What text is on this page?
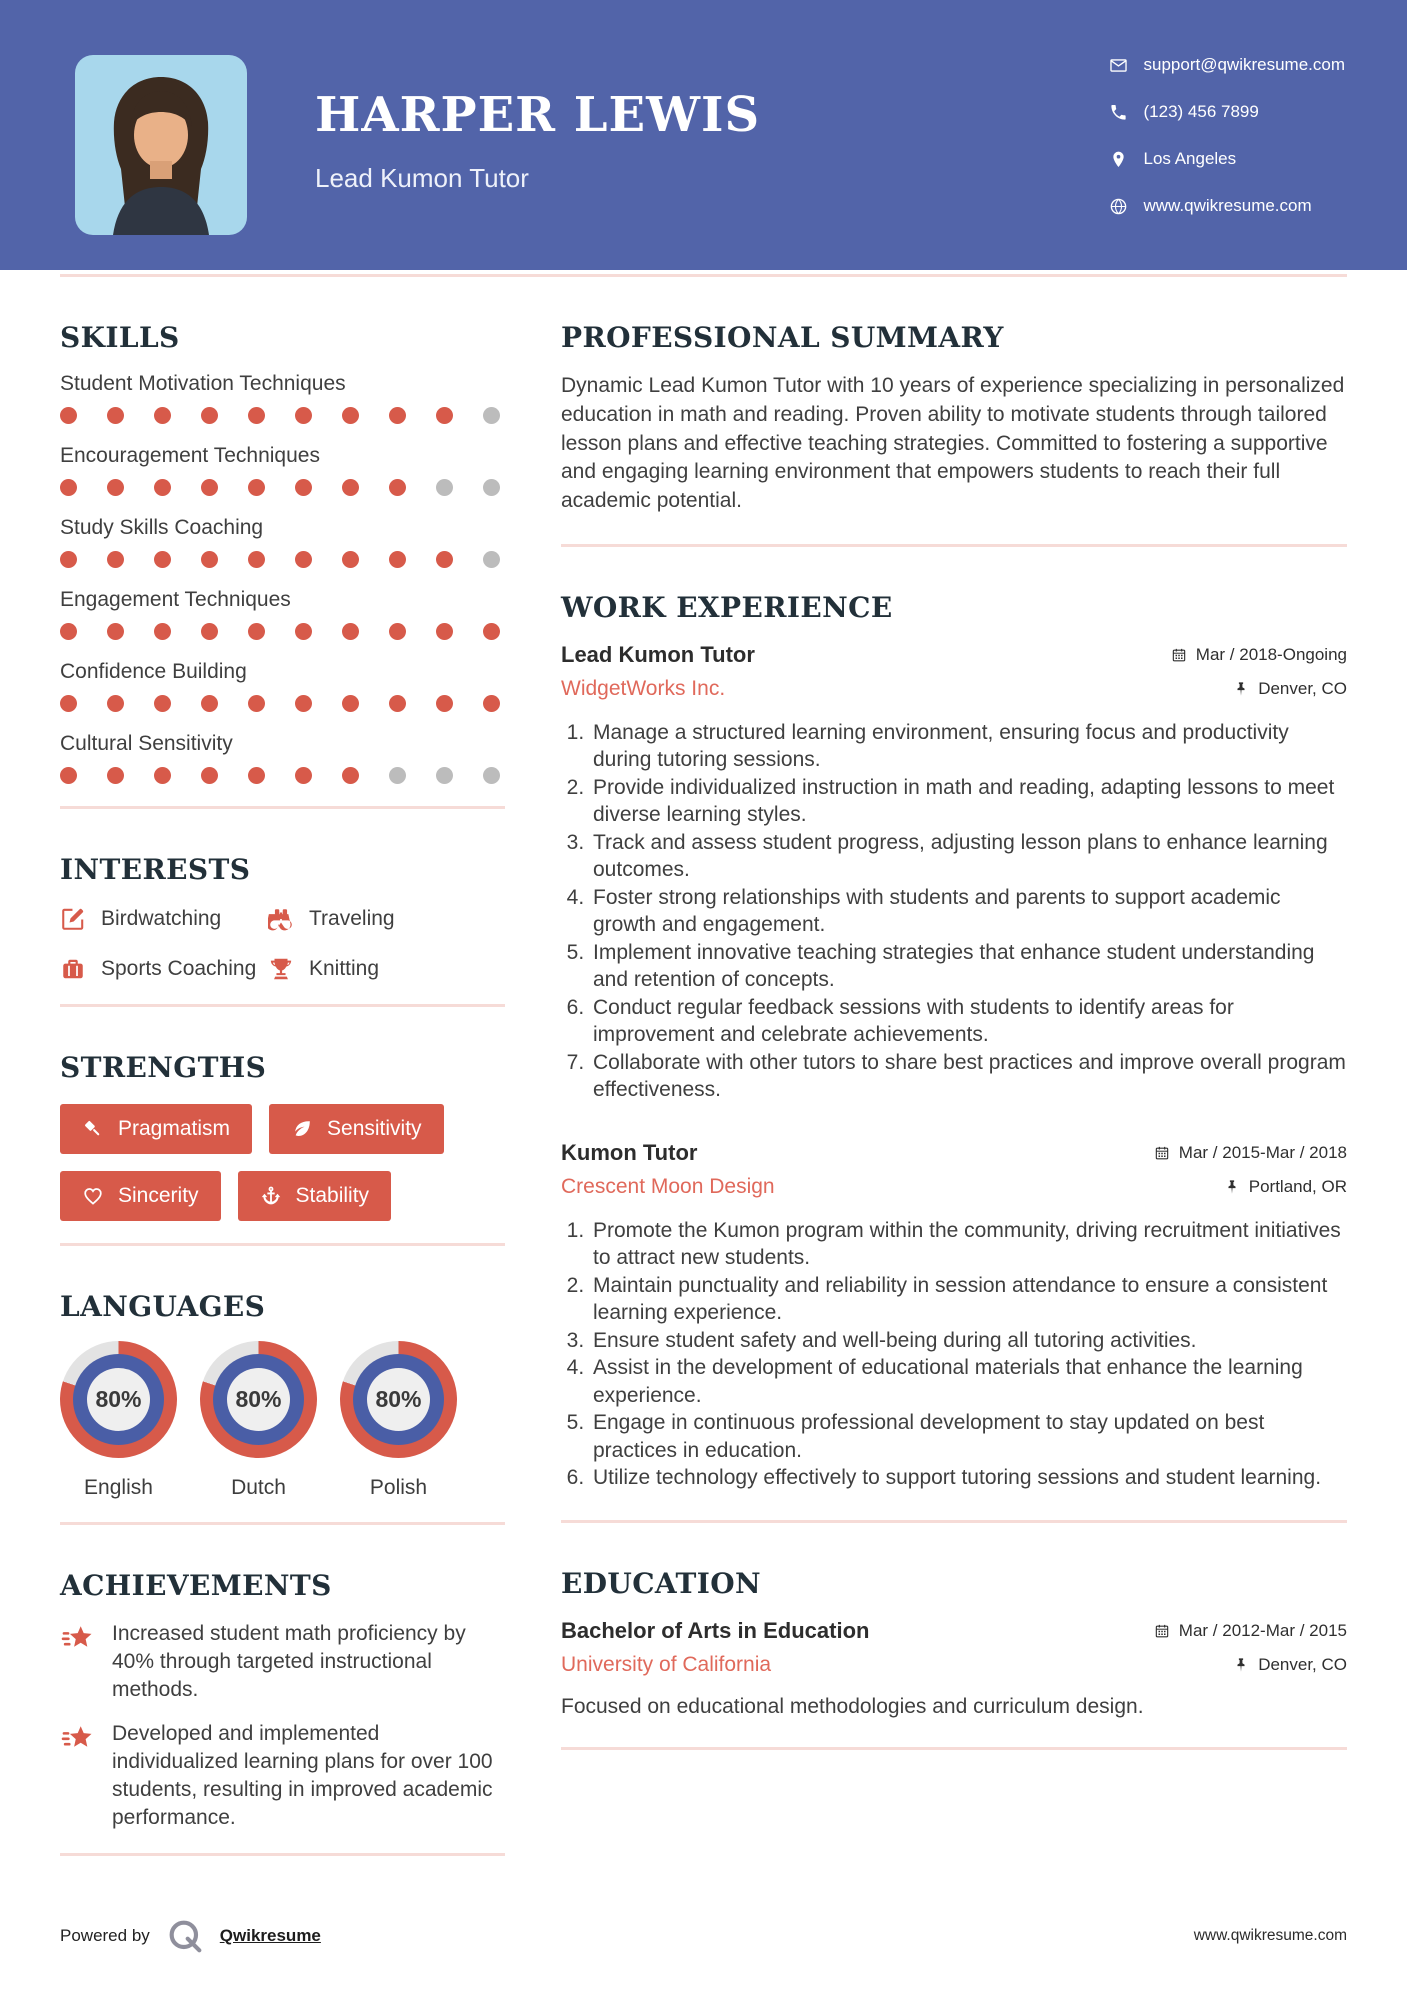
HARPER LEWIS
Lead Kumon Tutor
support@qwikresume.com
(123) 456 7899
Los Angeles
www.qwikresume.com
SKILLS
Student Motivation Techniques
Encouragement Techniques
Study Skills Coaching
Engagement Techniques
Confidence Building
Cultural Sensitivity
INTERESTS
Birdwatching	Traveling
Sports Coaching	Knitting
STRENGTHS
Pragmatism	Sensitivity
Sincerity	Stability
LANGUAGES
80%
English
80%
Dutch
80%
Polish
ACHIEVEMENTS

Increased student math proficiency by 40% through targeted instructional methods.

Developed and implemented individualized learning plans for over 100 students, resulting in improved academic performance.

PROFESSIONAL SUMMARY

Dynamic Lead Kumon Tutor with 10 years of experience specializing in personalized education in math and reading. Proven ability to motivate students through tailored lesson plans and effective teaching strategies. Committed to fostering a supportive and engaging learning environment that empowers students to reach their full academic potential.

WORK EXPERIENCE
Lead Kumon Tutor	Mar / 2018-Ongoing
WidgetWorks Inc.	Denver, CO
1. Manage a structured learning environment, ensuring focus and productivity during tutoring sessions.
2. Provide individualized instruction in math and reading, adapting lessons to meet diverse learning styles.
3. Track and assess student progress, adjusting lesson plans to enhance learning outcomes.
4. Foster strong relationships with students and parents to support academic growth and engagement.
5. Implement innovative teaching strategies that enhance student understanding and retention of concepts.
6. Conduct regular feedback sessions with students to identify areas for improvement and celebrate achievements.
7. Collaborate with other tutors to share best practices and improve overall program effectiveness.
Kumon Tutor	Mar / 2015-Mar / 2018
Crescent Moon Design	Portland, OR
1. Promote the Kumon program within the community, driving recruitment initiatives to attract new students.
2. Maintain punctuality and reliability in session attendance to ensure a consistent learning experience.
3. Ensure student safety and well-being during all tutoring activities.
4. Assist in the development of educational materials that enhance the learning experience.
5. Engage in continuous professional development to stay updated on best practices in education.
6. Utilize technology effectively to support tutoring sessions and student learning.
EDUCATION
Bachelor of Arts in Education	Mar / 2012-Mar / 2015
University of California	Denver, CO

Focused on educational methodologies and curriculum design.

Powered by	Qwikresume	www.qwikresume.com
